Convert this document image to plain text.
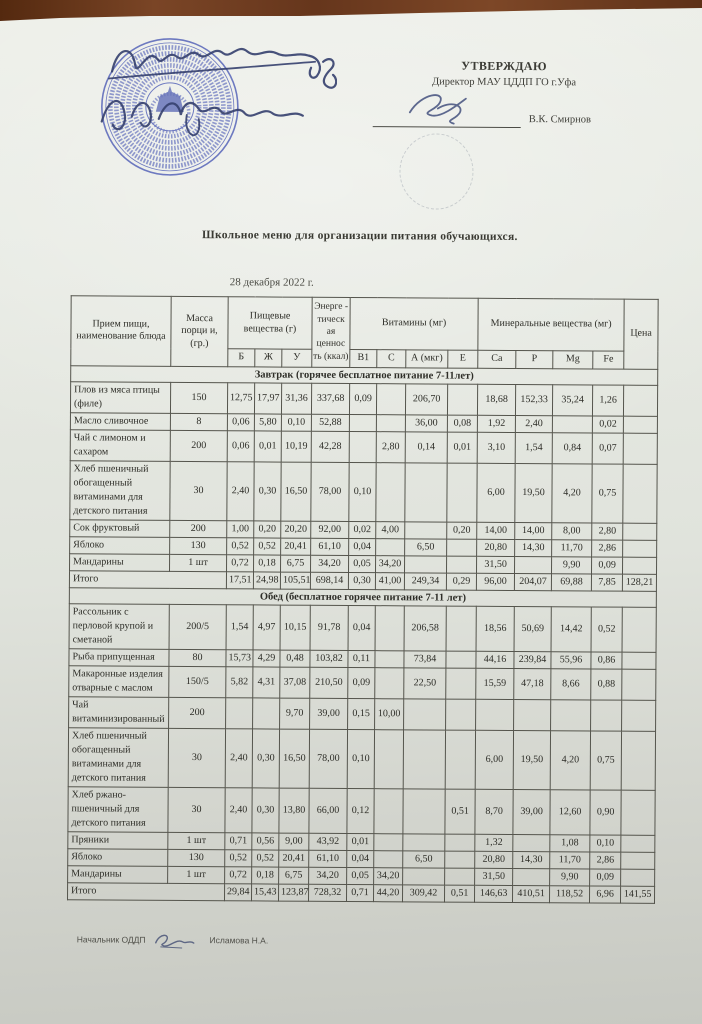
УТВЕРЖДАЮ
Директор МАУ ЦДДП ГО г.Уфа
В.К. Смирнов
Школьное меню для организации питания обучающихся.
28 декабря 2022 г.
Прием пищи, наименование блюда	Масса порци и, (гр.)	Пищевые вещества (г)			Энерге - тическ ая ценнос ть (ккал)	Витамины (мг)				Минеральные вещества (мг)				Цена
		Б	Ж	У		В1	С	А (мкг)	Е	Ca	P	Mg	Fe	
Завтрак (горячее бесплатное питание 7-11лет)														
Плов из мяса птицы (филе)	150	12,75	17,97	31,36	337,68	0,09		206,70		18,68	152,33	35,24	1,26	
Масло сливочное	8	0,06	5,80	0,10	52,88			36,00	0,08	1,92	2,40		0,02	
Чай с лимоном и сахаром	200	0,06	0,01	10,19	42,28		2,80	0,14	0,01	3,10	1,54	0,84	0,07	
Хлеб пшеничный обогащенный витаминами для детского питания	30	2,40	0,30	16,50	78,00	0,10				6,00	19,50	4,20	0,75	
Сок фруктовый	200	1,00	0,20	20,20	92,00	0,02	4,00		0,20	14,00	14,00	8,00	2,80	
Яблоко	130	0,52	0,52	20,41	61,10	0,04		6,50		20,80	14,30	11,70	2,86	
Мандарины	1 шт	0,72	0,18	6,75	34,20	0,05	34,20			31,50		9,90	0,09	
Итого		17,51	24,98	105,51	698,14	0,30	41,00	249,34	0,29	96,00	204,07	69,88	7,85	128,21
Обед (бесплатное горячее питание 7-11 лет)														
Рассольник с перловой крупой и сметаной	200/5	1,54	4,97	10,15	91,78	0,04		206,58		18,56	50,69	14,42	0,52	
Рыба припущенная	80	15,73	4,29	0,48	103,82	0,11		73,84		44,16	239,84	55,96	0,86	
Макаронные изделия отварные с маслом	150/5	5,82	4,31	37,08	210,50	0,09		22,50		15,59	47,18	8,66	0,88	
Чай витаминизированный	200			9,70	39,00	0,15	10,00							
Хлеб пшеничный обогащенный витаминами для детского питания	30	2,40	0,30	16,50	78,00	0,10				6,00	19,50	4,20	0,75	
Хлеб ржано-пшеничный для детского питания	30	2,40	0,30	13,80	66,00	0,12			0,51	8,70	39,00	12,60	0,90	
Пряники	1 шт	0,71	0,56	9,00	43,92	0,01				1,32		1,08	0,10	
Яблоко	130	0,52	0,52	20,41	61,10	0,04		6,50		20,80	14,30	11,70	2,86	
Мандарины	1 шт	0,72	0,18	6,75	34,20	0,05	34,20			31,50		9,90	0,09	
Итого		29,84	15,43	123,87	728,32	0,71	44,20	309,42	0,51	146,63	410,51	118,52	6,96	141,55
Начальник ОДДП	Исламова Н.А.
